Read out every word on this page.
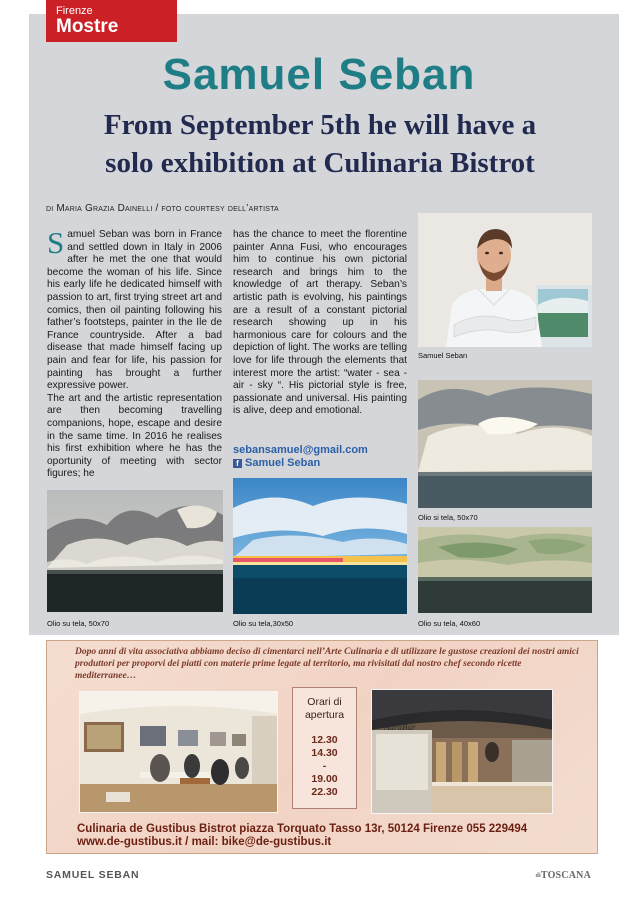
Firenze
Mostre
Samuel Seban
From September 5th he will have a
solo exhibition at Culinaria Bistrot
di Maria Grazia Dainelli / foto courtesy dell’artista
S amuel Seban was born in France and settled down in Italy in 2006 after he met the one that would become the woman of his life. Since his early life he dedicated himself with passion to art, first trying street art and comics, then oil painting following his father’s footsteps, painter in the Ile de France countryside. After a bad disease that made himself facing up pain and fear for life, his passion for painting has brought a further expressive power.
The art and the artistic representation are then becoming travelling companions, hope, escape and desire in the same time. In 2016 he realises his first exhibition where he has the oportunity of meeting with sector figures; he
has the chance to meet the florentine painter Anna Fusi, who encourages him to continue his own pictorial research and brings him to the knowledge of art therapy. Seban’s artistic path is evolving, his paintings are a result of a constant pictorial research showing up in his harmonious care for colours and the depiction of light. The works are telling love for life through the elements that interest more the artist: “water - sea - air - sky “. His pictorial style is free, passionate and universal. His painting is alive, deep and emotional.
sebansamuel@gmail.com
f Samuel Seban
Samuel Seban
Olio su tela, 50x70	Olio su tela,30x50
Olio si tela, 50x70
Olio su tela, 40x60

Dopo anni di vita associativa abbiamo deciso di cimentarci nell’Arte Culinaria e di utilizzare le gustose creazioni dei nostri amici produttori per proporvi dei piatti con materie prime legate al territorio, ma rivisitati dal nostro chef secondo ricette mediterranee…

Orari di
apertura
12.30
14.30
-
19.00
22.30
AuraBar
Culinaria de Gustibus Bistrot piazza Torquato Tasso 13r, 50124 Firenze 055 229494
www.de-gustibus.it / mail: bike@de-gustibus.it
SAMUEL SEBAN	diTOSCANA
